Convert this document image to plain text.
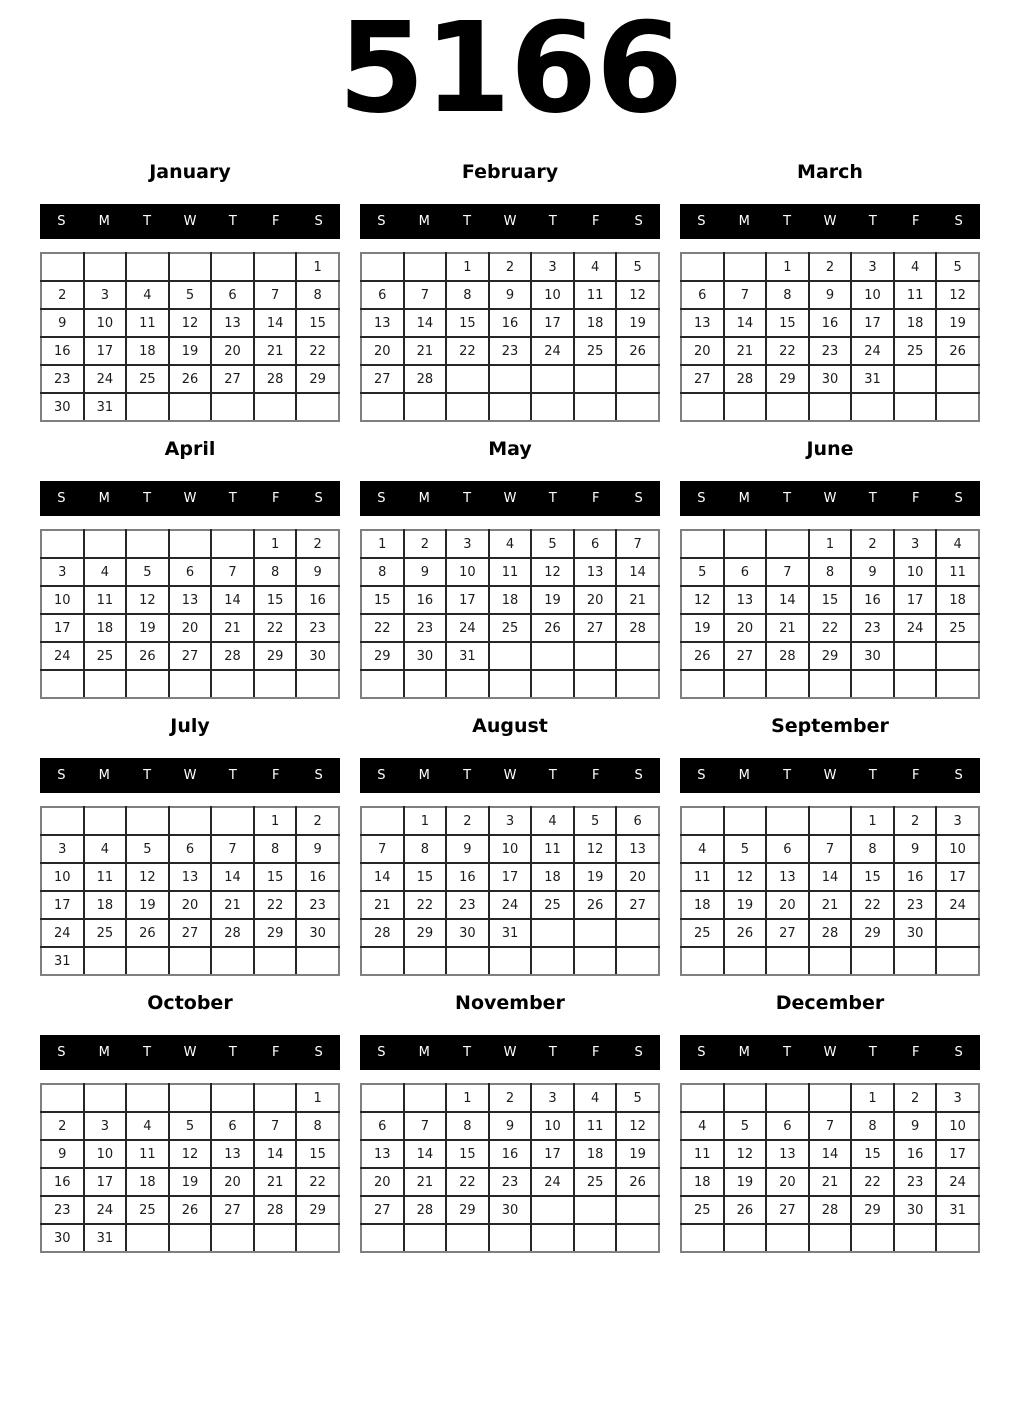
5166
January
S	M	T	W	T	F	S
						1
2	3	4	5	6	7	8
9	10	11	12	13	14	15
16	17	18	19	20	21	22
23	24	25	26	27	28	29
30	31					
February
S	M	T	W	T	F	S
		1	2	3	4	5
6	7	8	9	10	11	12
13	14	15	16	17	18	19
20	21	22	23	24	25	26
27	28					

March
S	M	T	W	T	F	S
		1	2	3	4	5
6	7	8	9	10	11	12
13	14	15	16	17	18	19
20	21	22	23	24	25	26
27	28	29	30	31		

April
S	M	T	W	T	F	S
					1	2
3	4	5	6	7	8	9
10	11	12	13	14	15	16
17	18	19	20	21	22	23
24	25	26	27	28	29	30

May
S	M	T	W	T	F	S
1	2	3	4	5	6	7
8	9	10	11	12	13	14
15	16	17	18	19	20	21
22	23	24	25	26	27	28
29	30	31				

June
S	M	T	W	T	F	S
			1	2	3	4
5	6	7	8	9	10	11
12	13	14	15	16	17	18
19	20	21	22	23	24	25
26	27	28	29	30		

July
S	M	T	W	T	F	S
					1	2
3	4	5	6	7	8	9
10	11	12	13	14	15	16
17	18	19	20	21	22	23
24	25	26	27	28	29	30
31						
August
S	M	T	W	T	F	S
	1	2	3	4	5	6
7	8	9	10	11	12	13
14	15	16	17	18	19	20
21	22	23	24	25	26	27
28	29	30	31			

September
S	M	T	W	T	F	S
				1	2	3
4	5	6	7	8	9	10
11	12	13	14	15	16	17
18	19	20	21	22	23	24
25	26	27	28	29	30	

October
S	M	T	W	T	F	S
						1
2	3	4	5	6	7	8
9	10	11	12	13	14	15
16	17	18	19	20	21	22
23	24	25	26	27	28	29
30	31					
November
S	M	T	W	T	F	S
		1	2	3	4	5
6	7	8	9	10	11	12
13	14	15	16	17	18	19
20	21	22	23	24	25	26
27	28	29	30			

December
S	M	T	W	T	F	S
				1	2	3
4	5	6	7	8	9	10
11	12	13	14	15	16	17
18	19	20	21	22	23	24
25	26	27	28	29	30	31
